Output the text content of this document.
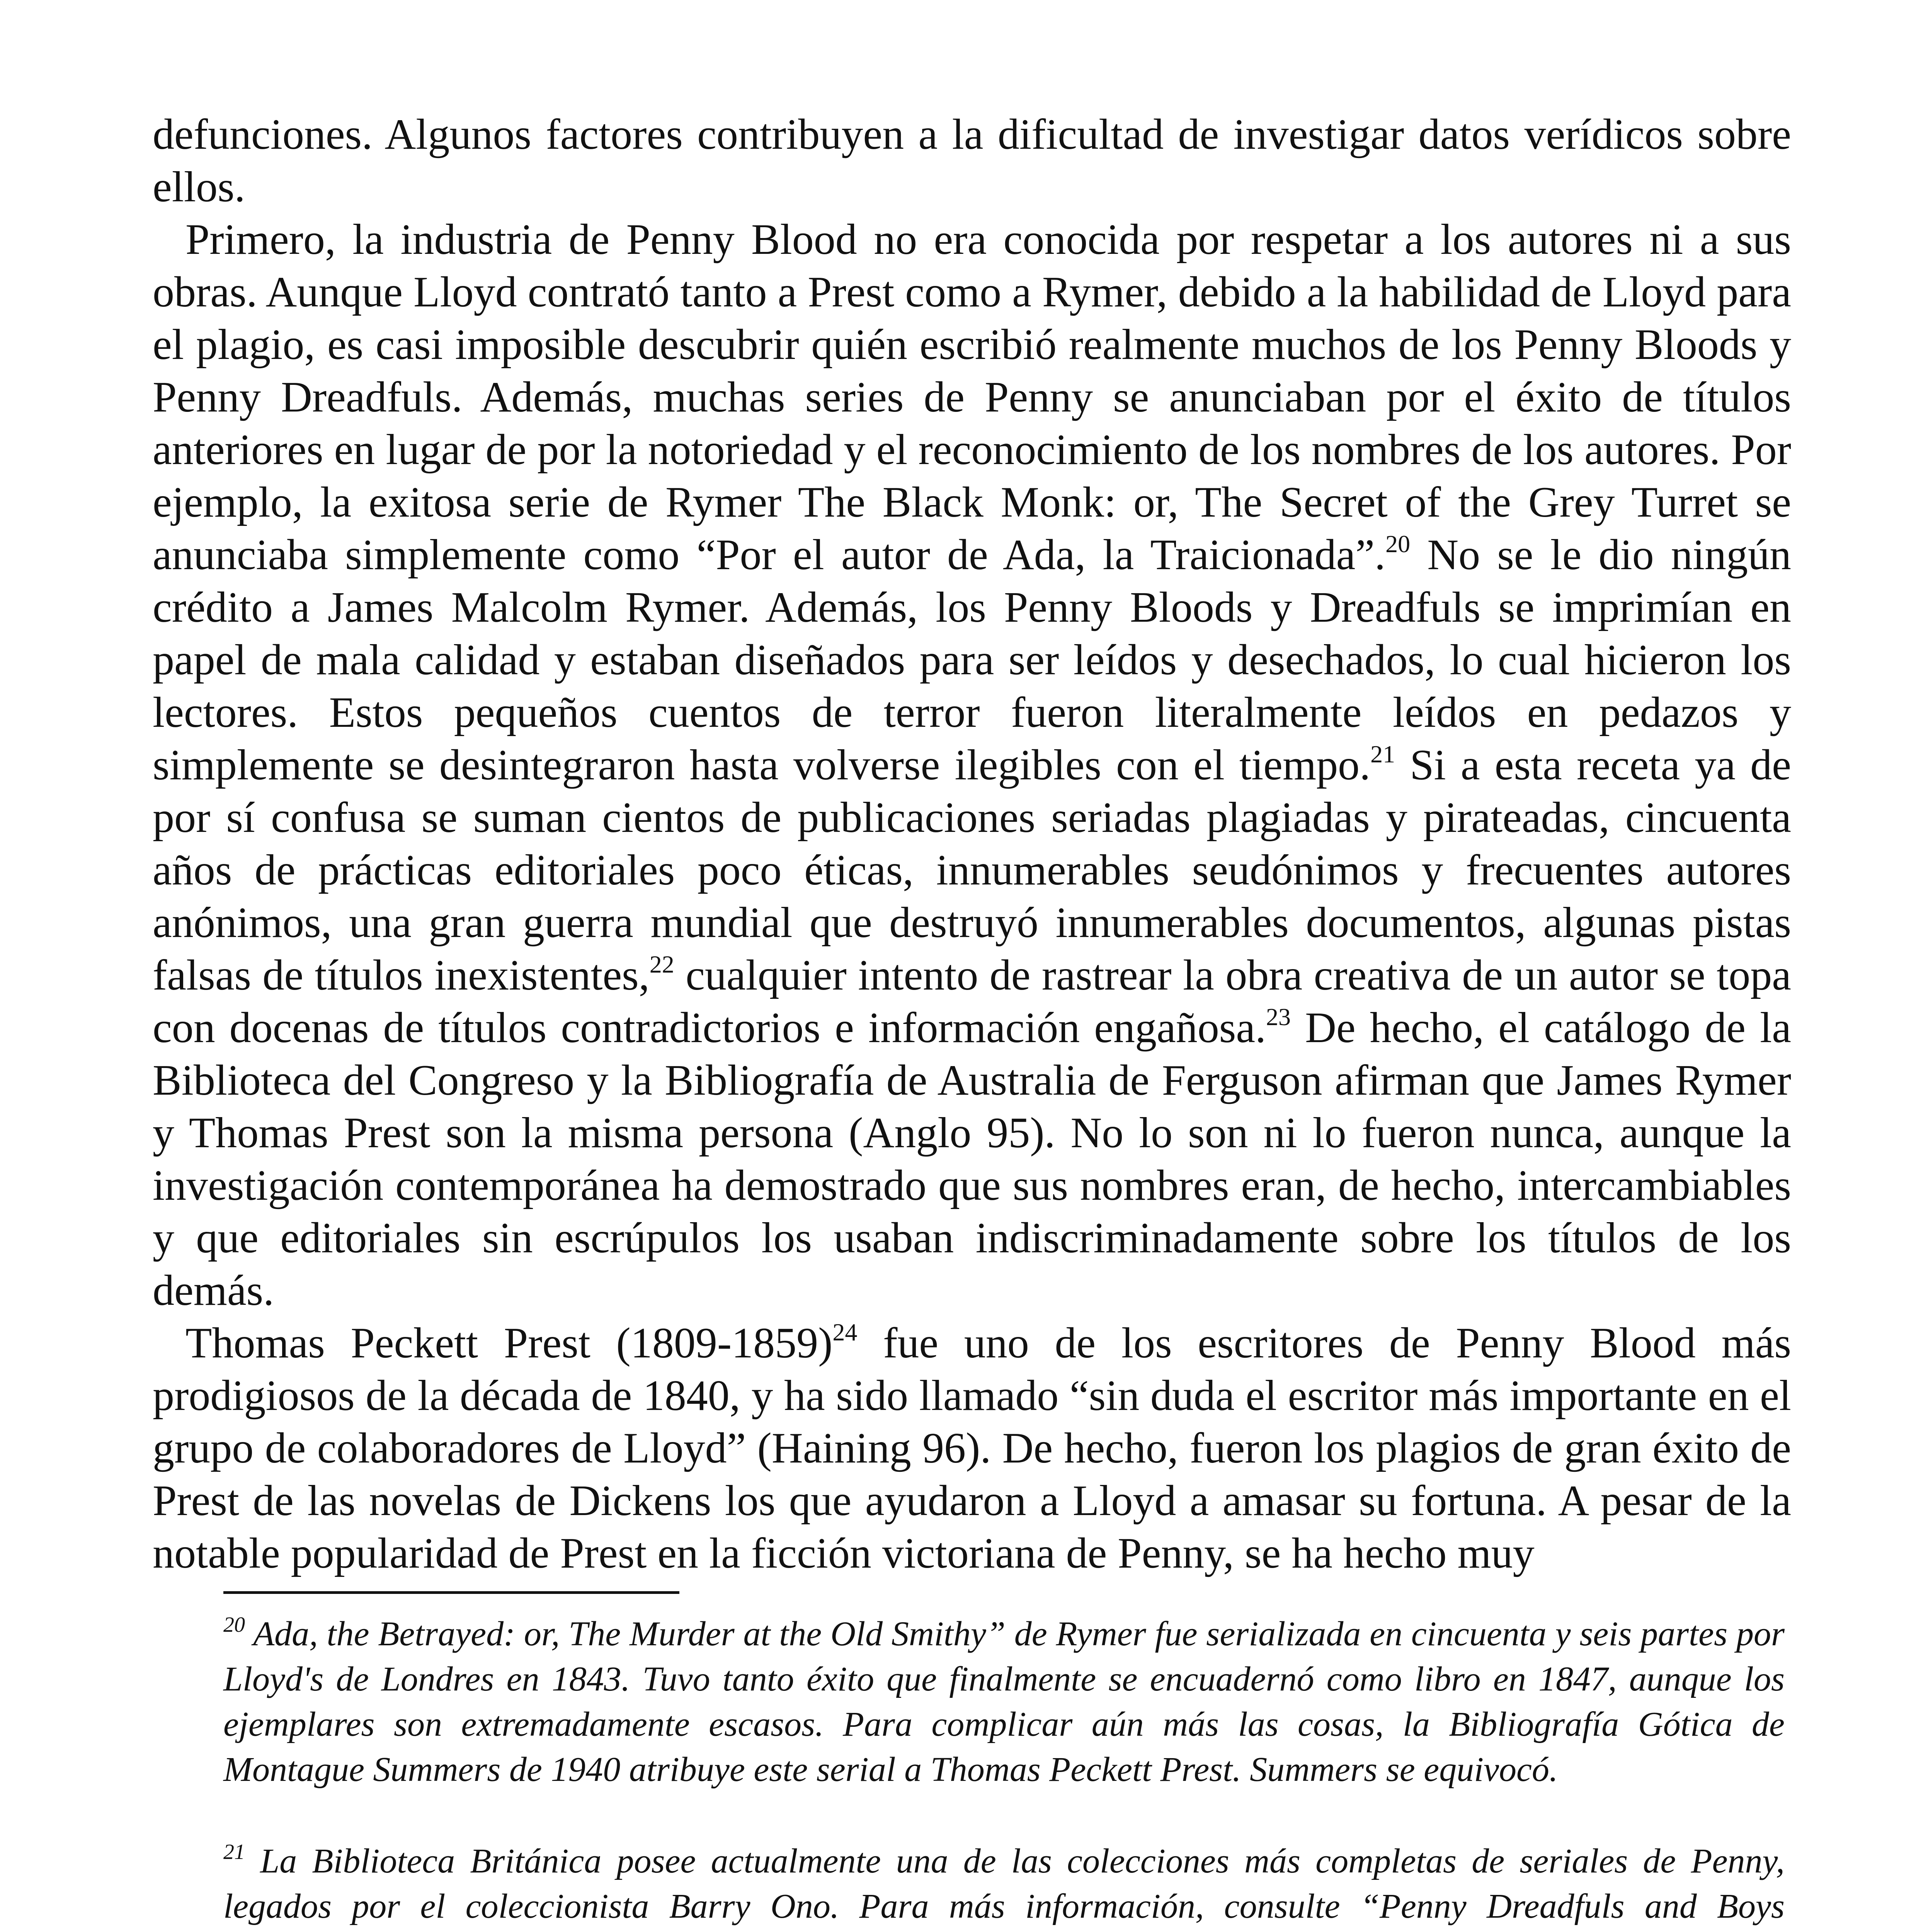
defunciones. Algunos factores contribuyen a la dificultad de investigar datos verídicos sobre ellos.

Primero, la industria de Penny Blood no era conocida por respetar a los autores ni a sus obras. Aunque Lloyd contrató tanto a Prest como a Rymer, debido a la habilidad de Lloyd para el plagio, es casi imposible descubrir quién escribió realmente muchos de los Penny Bloods y Penny Dreadfuls. Además, muchas series de Penny se anunciaban por el éxito de títulos anteriores en lugar de por la notoriedad y el reconocimiento de los nombres de los autores. Por ejemplo, la exitosa serie de Rymer The Black Monk: or, The Secret of the Grey Turret se anunciaba simplemente como “Por el autor de Ada, la Traicionada”.$^{20}$ No se le dio ningún crédito a James Malcolm Rymer. Además, los Penny Bloods y Dreadfuls se imprimían en papel de mala calidad y estaban diseñados para ser leídos y desechados, lo cual hicieron los lectores. Estos pequeños cuentos de terror fueron literalmente leídos en pedazos y simplemente se desintegraron hasta volverse ilegibles con el tiempo.$^{21}$ Si a esta receta ya de por sí confusa se suman cientos de publicaciones seriadas plagiadas y pirateadas, cincuenta años de prácticas editoriales poco éticas, innumerables seudónimos y frecuentes autores anónimos, una gran guerra mundial que destruyó innumerables documentos, algunas pistas falsas de títulos inexistentes,$^{22}$ cualquier intento de rastrear la obra creativa de un autor se topa con docenas de títulos contradictorios e información engañosa.$^{23}$ De hecho, el catálogo de la Biblioteca del Congreso y la Bibliografía de Australia de Ferguson afirman que James Rymer y Thomas Prest son la misma persona (Anglo 95). No lo son ni lo fueron nunca, aunque la investigación contemporánea ha demostrado que sus nombres eran, de hecho, intercambiables y que editoriales sin escrúpulos los usaban indiscriminadamente sobre los títulos de los demás.

Thomas Peckett Prest (1809-1859)$^{24}$ fue uno de los escritores de Penny Blood más prodigiosos de la década de 1840, y ha sido llamado “sin duda el escritor más importante en el grupo de colaboradores de Lloyd” (Haining 96). De hecho, fueron los plagios de gran éxito de Prest de las novelas de Dickens los que ayudaron a Lloyd a amasar su fortuna. A pesar de la notable popularidad de Prest en la ficción victoriana de Penny, se ha hecho muy

$^{20}$ Ada, the Betrayed: or, The Murder at the Old Smithy” de Rymer fue serializada en cincuenta y seis partes por Lloyd's de Londres en 1843. Tuvo tanto éxito que finalmente se encuadernó como libro en 1847, aunque los ejemplares son extremadamente escasos. Para complicar aún más las cosas, la Bibliografía Gótica de Montague Summers de 1940 atribuye este serial a Thomas Peckett Prest. Summers se equivocó.

$^{21}$ La Biblioteca Británica posee actualmente una de las colecciones más completas de seriales de Penny, legados por el coleccionista Barry Ono. Para más información, consulte “Penny Dreadfuls and Boys
